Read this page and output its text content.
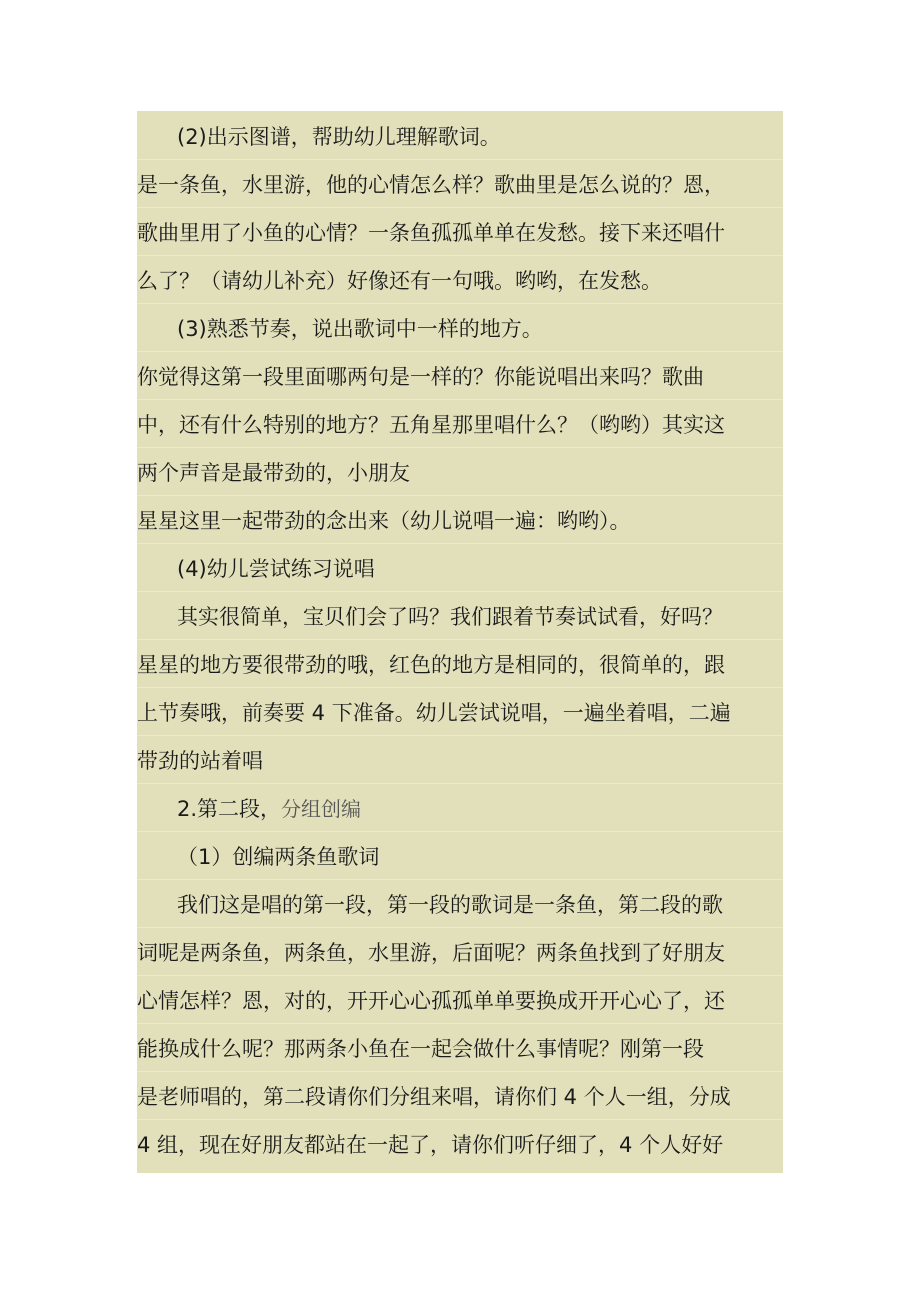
(2)出示图谱，帮助幼儿理解歌词。
是一条鱼，水里游，他的心情怎么样？歌曲里是怎么说的？恩，
歌曲里用了小鱼的心情？一条鱼孤孤单单在发愁。接下来还唱什
么了？（请幼儿补充）好像还有一句哦。哟哟，在发愁。
(3)熟悉节奏，说出歌词中一样的地方。
你觉得这第一段里面哪两句是一样的？你能说唱出来吗？歌曲
中，还有什么特别的地方？五角星那里唱什么？（哟哟）其实这
两个声音是最带劲的，小朋友
星星这里一起带劲的念出来（幼儿说唱一遍：哟哟）。
(4)幼儿尝试练习说唱
其实很简单，宝贝们会了吗？我们跟着节奏试试看，好吗？
星星的地方要很带劲的哦，红色的地方是相同的，很简单的，跟
上节奏哦，前奏要 4 下准备。幼儿尝试说唱，一遍坐着唱，二遍
带劲的站着唱
2.第二段，分组创编
（1）创编两条鱼歌词
我们这是唱的第一段，第一段的歌词是一条鱼，第二段的歌
词呢是两条鱼，两条鱼，水里游，后面呢？两条鱼找到了好朋友
心情怎样？恩，对的，开开心心孤孤单单要换成开开心心了，还
能换成什么呢？那两条小鱼在一起会做什么事情呢？刚第一段
是老师唱的，第二段请你们分组来唱，请你们 4 个人一组，分成
4 组，现在好朋友都站在一起了，请你们听仔细了，4 个人好好
